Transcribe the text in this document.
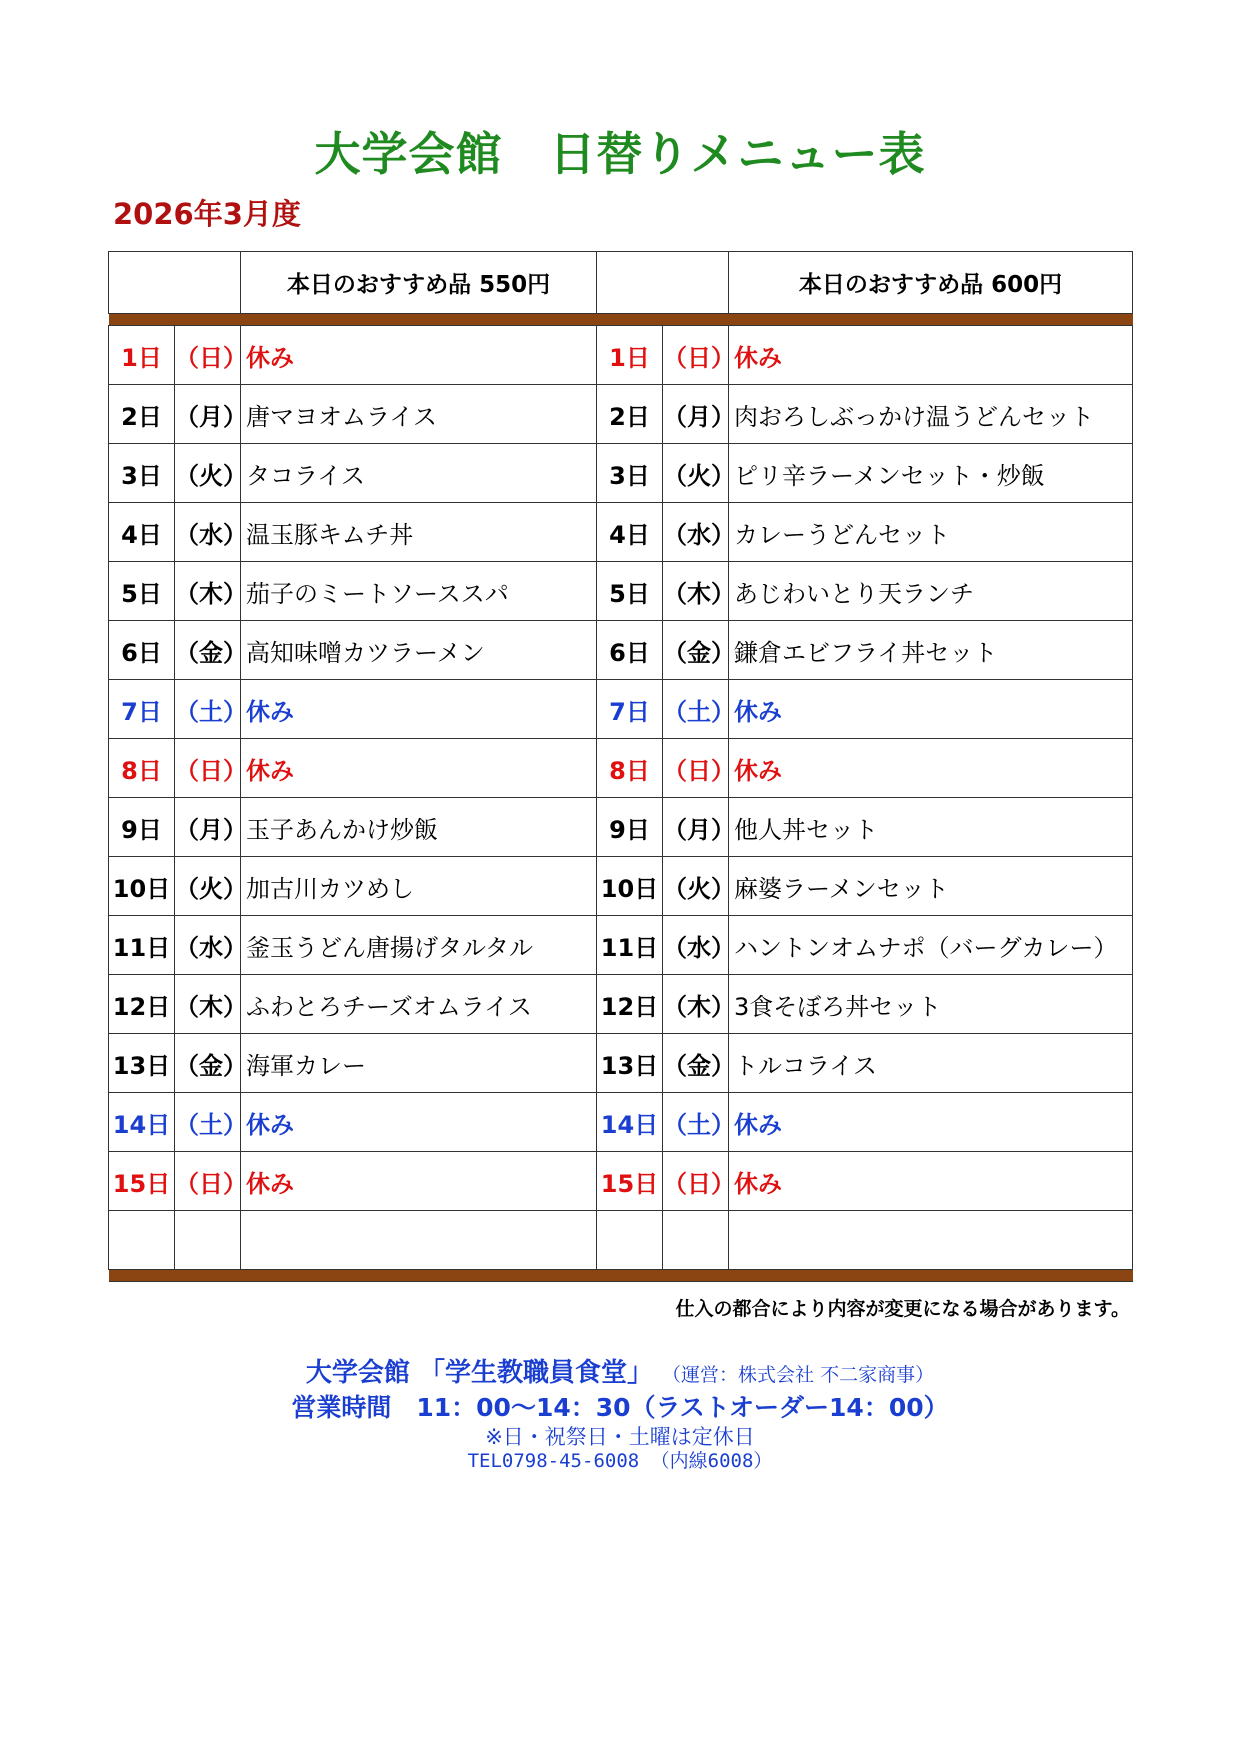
大学会館　日替りメニュー表
2026年3月度
		本日のおすすめ品 550円			本日のおすすめ品 600円

1日	（日）	休み	1日	（日）	休み
2日	（月）	唐マヨオムライス	2日	（月）	肉おろしぶっかけ温うどんセット
3日	（火）	タコライス	3日	（火）	ピリ辛ラーメンセット・炒飯
4日	（水）	温玉豚キムチ丼	4日	（水）	カレーうどんセット
5日	（木）	茄子のミートソーススパ	5日	（木）	あじわいとり天ランチ
6日	（金）	高知味噌カツラーメン	6日	（金）	鎌倉エビフライ丼セット
7日	（土）	休み	7日	（土）	休み
8日	（日）	休み	8日	（日）	休み
9日	（月）	玉子あんかけ炒飯	9日	（月）	他人丼セット
10日	（火）	加古川カツめし	10日	（火）	麻婆ラーメンセット
11日	（水）	釜玉うどん唐揚げタルタル	11日	（水）	ハントンオムナポ（バーグカレー）
12日	（木）	ふわとろチーズオムライス	12日	（木）	3食そぼろ丼セット
13日	（金）	海軍カレー	13日	（金）	トルコライス
14日	（土）	休み	14日	（土）	休み
15日	（日）	休み	15日	（日）	休み

仕入の都合により内容が変更になる場合があります。
大学会館 「学生教職員食堂」 （運営：株式会社 不二家商事）
営業時間　11：00～14：30（ラストオーダー14：00）
※日・祝祭日・土曜は定休日
TEL0798-45-6008 （内線6008）
